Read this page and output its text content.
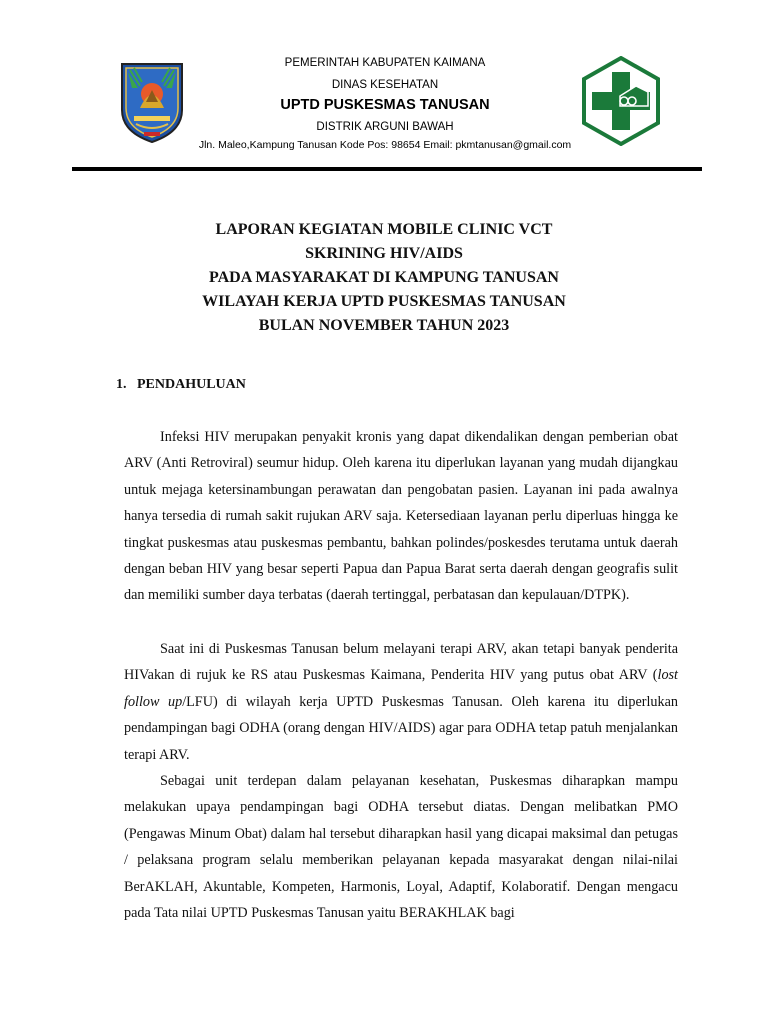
PEMERINTAH KABUPATEN KAIMANA
DINAS KESEHATAN
UPTD PUSKESMAS TANUSAN
DISTRIK ARGUNI BAWAH
Jln. Maleo,Kampung Tanusan Kode Pos: 98654 Email: pkmtanusan@gmail.com
LAPORAN KEGIATAN MOBILE CLINIC VCT
SKRINING HIV/AIDS
PADA MASYARAKAT DI KAMPUNG TANUSAN
WILAYAH KERJA UPTD PUSKESMAS TANUSAN
BULAN NOVEMBER TAHUN 2023
1. PENDAHULUAN

Infeksi HIV merupakan penyakit kronis yang dapat dikendalikan dengan pemberian obat ARV (Anti Retroviral) seumur hidup. Oleh karena itu diperlukan layanan yang mudah dijangkau untuk mejaga ketersinambungan perawatan dan pengobatan pasien. Layanan ini pada awalnya hanya tersedia di rumah sakit rujukan ARV saja. Ketersediaan layanan perlu diperluas hingga ke tingkat puskesmas atau puskesmas pembantu, bahkan polindes/poskesdes terutama untuk daerah dengan beban HIV yang besar seperti Papua dan Papua Barat serta daerah dengan geografis sulit dan memiliki sumber daya terbatas (daerah tertinggal, perbatasan dan kepulauan/DTPK).

Saat ini di Puskesmas Tanusan belum melayani terapi ARV, akan tetapi banyak penderita HIVakan di rujuk ke RS atau Puskesmas Kaimana, Penderita HIV yang putus obat ARV (lost follow up/LFU) di wilayah kerja UPTD Puskesmas Tanusan. Oleh karena itu diperlukan pendampingan bagi ODHA (orang dengan HIV/AIDS) agar para ODHA tetap patuh menjalankan terapi ARV.

Sebagai unit terdepan dalam pelayanan kesehatan, Puskesmas diharapkan mampu melakukan upaya pendampingan bagi ODHA tersebut diatas. Dengan melibatkan PMO (Pengawas Minum Obat) dalam hal tersebut diharapkan hasil yang dicapai maksimal dan petugas / pelaksana program selalu memberikan pelayanan kepada masyarakat dengan nilai-nilai BerAKLAH, Akuntable, Kompeten, Harmonis, Loyal, Adaptif, Kolaboratif. Dengan mengacu pada Tata nilai UPTD Puskesmas Tanusan yaitu BERAKHLAK bagi
